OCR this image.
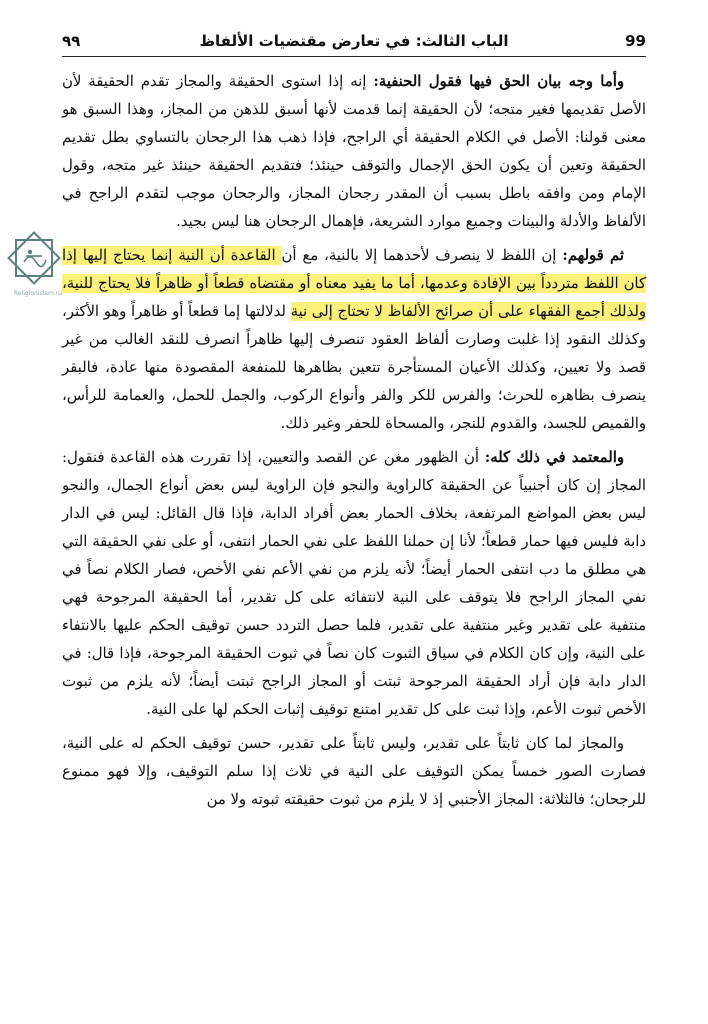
99
الباب الثالث: في تعارض مقتضيات الألفاظ
٩٩
Religionislam.ru

وأما وجه بيان الحق فيها فقول الحنفية: إنه إذا استوى الحقيقة والمجاز تقدم الحقيقة لأن الأصل تقديمها فغير متجه؛ لأن الحقيقة إنما قدمت لأنها أسبق للذهن من المجاز، وهذا السبق هو معنى قولنا: الأصل في الكلام الحقيقة أي الراجح، فإذا ذهب هذا الرجحان بالتساوي بطل تقديم الحقيقة وتعين أن يكون الحق الإجمال والتوقف حينئذ؛ فتقديم الحقيقة حينئذ غير متجه، وقول الإمام ومن وافقه باطل بسبب أن المقدر رجحان المجاز، والرجحان موجب لتقدم الراجح في الألفاظ والأدلة والبينات وجميع موارد الشريعة، فإهمال الرجحان هنا ليس بجيد.

ثم قولهم: إن اللفظ لا ينصرف لأحدهما إلا بالنية، مع أن القاعدة أن النية إنما يحتاج إليها إذا كان اللفظ متردداً بين الإفادة وعدمها، أما ما يفيد معناه أو مقتضاه قطعاً أو ظاهراً فلا يحتاج للنية، ولذلك أجمع الفقهاء على أن صرائح الألفاظ لا تحتاج إلى نية لدلالتها إما قطعاً أو ظاهراً وهو الأكثر، وكذلك النقود إذا غلبت وصارت ألفاظ العقود تنصرف إليها ظاهراً انصرف للنقد الغالب من غير قصد ولا تعيين، وكذلك الأعيان المستأجرة تتعين بظاهرها للمنفعة المقصودة منها عادة، فالبقر ينصرف بظاهره للحرث؛ والفرس للكر والفر وأنواع الركوب، والجمل للحمل، والعمامة للرأس، والقميص للجسد، والقدوم للنجر، والمسحاة للحفر وغير ذلك.

والمعتمد في ذلك كله: أن الظهور مغن عن القصد والتعيين، إذا تقررت هذه القاعدة فنقول: المجاز إن كان أجنبياً عن الحقيقة كالراوية والنجو فإن الراوية ليس بعض أنواع الجمال، والنجو ليس بعض المواضع المرتفعة، بخلاف الحمار بعض أفراد الدابة، فإذا قال القائل: ليس في الدار دابة فليس فيها حمار قطعاً؛ لأنا إن حملنا اللفظ على نفي الحمار انتفى، أو على نفي الحقيقة التي هي مطلق ما دب انتفى الحمار أيضاً؛ لأنه يلزم من نفي الأعم نفي الأخص، فصار الكلام نصاً في نفي المجاز الراجح فلا يتوقف على النية لانتفائه على كل تقدير، أما الحقيقة المرجوحة فهي منتفية على تقدير وغير منتفية على تقدير، فلما حصل التردد حسن توقيف الحكم عليها بالانتفاء على النية، وإن كان الكلام في سياق الثبوت كان نصاً في ثبوت الحقيقة المرجوحة، فإذا قال: في الدار دابة فإن أراد الحقيقة المرجوحة ثبتت أو المجاز الراجح ثبتت أيضاً؛ لأنه يلزم من ثبوت الأخص ثبوت الأعم، وإذا ثبت على كل تقدير امتنع توقيف إثبات الحكم لها على النية.

والمجاز لما كان ثابتاً على تقدير، وليس ثابتاً على تقدير، حسن توقيف الحكم له على النية، فصارت الصور خمساً يمكن التوقيف على النية في ثلاث إذا سلم التوقيف، وإلا فهو ممنوع للرجحان؛ فالثلاثة: المجاز الأجنبي إذ لا يلزم من ثبوت حقيقته ثبوته ولا من
